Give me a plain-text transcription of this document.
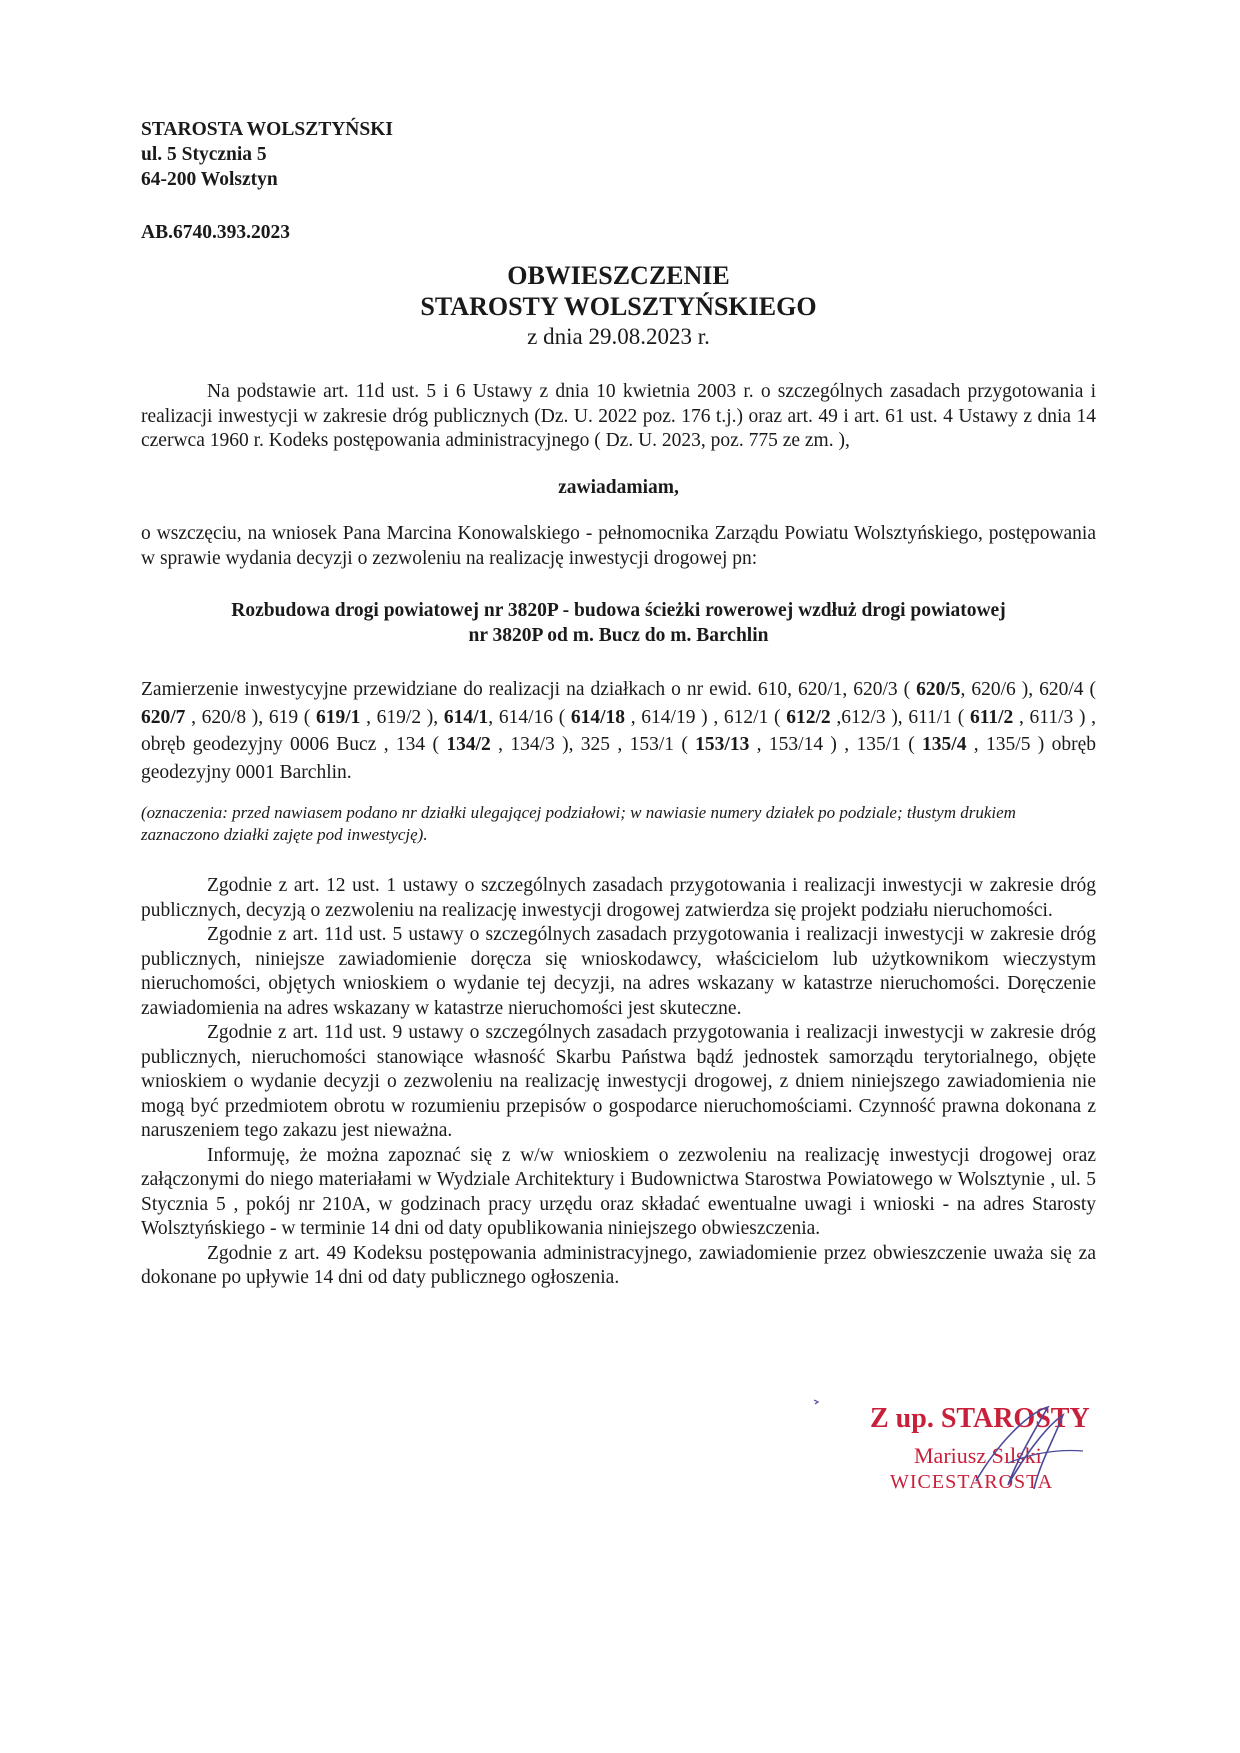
STAROSTA WOLSZTYŃSKI
ul. 5 Stycznia 5
64-200 Wolsztyn
AB.6740.393.2023
OBWIESZCZENIE
STAROSTY WOLSZTYŃSKIEGO
z dnia 29.08.2023 r.

Na podstawie art. 11d ust. 5 i 6 Ustawy z dnia 10 kwietnia 2003 r. o szczególnych zasadach przygotowania i realizacji inwestycji w zakresie dróg publicznych (Dz. U. 2022 poz. 176 t.j.) oraz art. 49 i art. 61 ust. 4 Ustawy z dnia 14 czerwca 1960 r. Kodeks postępowania administracyjnego ( Dz. U. 2023, poz. 775 ze zm. ),

zawiadamiam,

o wszczęciu, na wniosek Pana Marcina Konowalskiego - pełnomocnika Zarządu Powiatu Wolsztyńskiego, postępowania w sprawie wydania decyzji o zezwoleniu na realizację inwestycji drogowej pn:

Rozbudowa drogi powiatowej nr 3820P - budowa ścieżki rowerowej wzdłuż drogi powiatowej
nr 3820P od m. Bucz do m. Barchlin

Zamierzenie inwestycyjne przewidziane do realizacji na działkach o nr ewid. 610, 620/1, 620/3 ( 620/5, 620/6 ), 620/4 ( 620/7 , 620/8 ), 619 ( 619/1 , 619/2 ), 614/1, 614/16 ( 614/18 , 614/19 ) , 612/1 ( 612/2 ,612/3 ), 611/1 ( 611/2 , 611/3 ) , obręb geodezyjny 0006 Bucz , 134 ( 134/2 , 134/3 ), 325 , 153/1 ( 153/13 , 153/14 ) , 135/1 ( 135/4 , 135/5 ) obręb geodezyjny 0001 Barchlin.

(oznaczenia: przed nawiasem podano nr działki ulegającej podziałowi; w nawiasie numery działek po podziale; tłustym drukiem zaznaczono działki zajęte pod inwestycję).

Zgodnie z art. 12 ust. 1 ustawy o szczególnych zasadach przygotowania i realizacji inwestycji w zakresie dróg publicznych, decyzją o zezwoleniu na realizację inwestycji drogowej zatwierdza się projekt podziału nieruchomości.

Zgodnie z art. 11d ust. 5 ustawy o szczególnych zasadach przygotowania i realizacji inwestycji w zakresie dróg publicznych, niniejsze zawiadomienie doręcza się wnioskodawcy, właścicielom lub użytkownikom wieczystym nieruchomości, objętych wnioskiem o wydanie tej decyzji, na adres wskazany w katastrze nieruchomości. Doręczenie zawiadomienia na adres wskazany w katastrze nieruchomości jest skuteczne.

Zgodnie z art. 11d ust. 9 ustawy o szczególnych zasadach przygotowania i realizacji inwestycji w zakresie dróg publicznych, nieruchomości stanowiące własność Skarbu Państwa bądź jednostek samorządu terytorialnego, objęte wnioskiem o wydanie decyzji o zezwoleniu na realizację inwestycji drogowej, z dniem niniejszego zawiadomienia nie mogą być przedmiotem obrotu w rozumieniu przepisów o gospodarce nieruchomościami. Czynność prawna dokonana z naruszeniem tego zakazu jest nieważna.

Informuję, że można zapoznać się z w/w wnioskiem o zezwoleniu na realizację inwestycji drogowej oraz załączonymi do niego materiałami w Wydziale Architektury i Budownictwa Starostwa Powiatowego w Wolsztynie , ul. 5 Stycznia 5 , pokój nr 210A, w godzinach pracy urzędu oraz składać ewentualne uwagi i wnioski - na adres Starosty Wolsztyńskiego - w terminie 14 dni od daty opublikowania niniejszego obwieszczenia.

Zgodnie z art. 49 Kodeksu postępowania administracyjnego, zawiadomienie przez obwieszczenie uważa się za dokonane po upływie 14 dni od daty publicznego ogłoszenia.

Z up. STAROSTY
Mariusz Sılski
WICESTAROSTA
